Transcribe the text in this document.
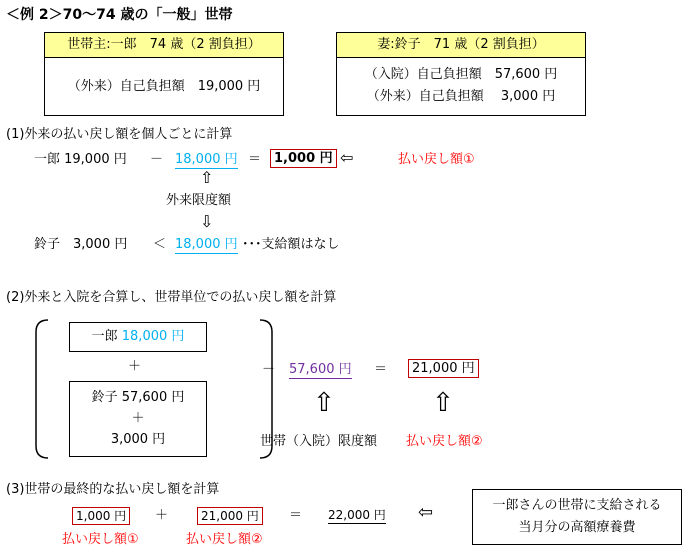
＜例 2＞70～74 歳の「一般」世帯
世帯主:一郎　74 歳（2 割負担）
（外来）自己負担額　19,000 円
妻:鈴子　71 歳（2 割負担）
（入院）自己負担額　57,600 円
（外来）自己負担額　 3,000 円
(1)外来の払い戻し額を個人ごとに計算
一郎 19,000 円 － 18,000 円 ＝ 1,000 円 ⇦	払い戻し額①
⇧
外来限度額
⇩
鈴子　3,000 円 ＜ 18,000 円 ･･･支給額はなし
(2)外来と入院を合算し、世帯単位での払い戻し額を計算
一郎 18,000 円
＋
鈴子 57,600 円
＋
3,000 円
－ 57,600 円 ＝	21,000 円
⇧	⇧
世帯（入院）限度額 払い戻し額②
(3)世帯の最終的な払い戻し額を計算
1,000 円	＋	21,000 円	＝ 22,000 円 ⇦
払い戻し額①	払い戻し額②
一郎さんの世帯に支給される
当月分の高額療養費
